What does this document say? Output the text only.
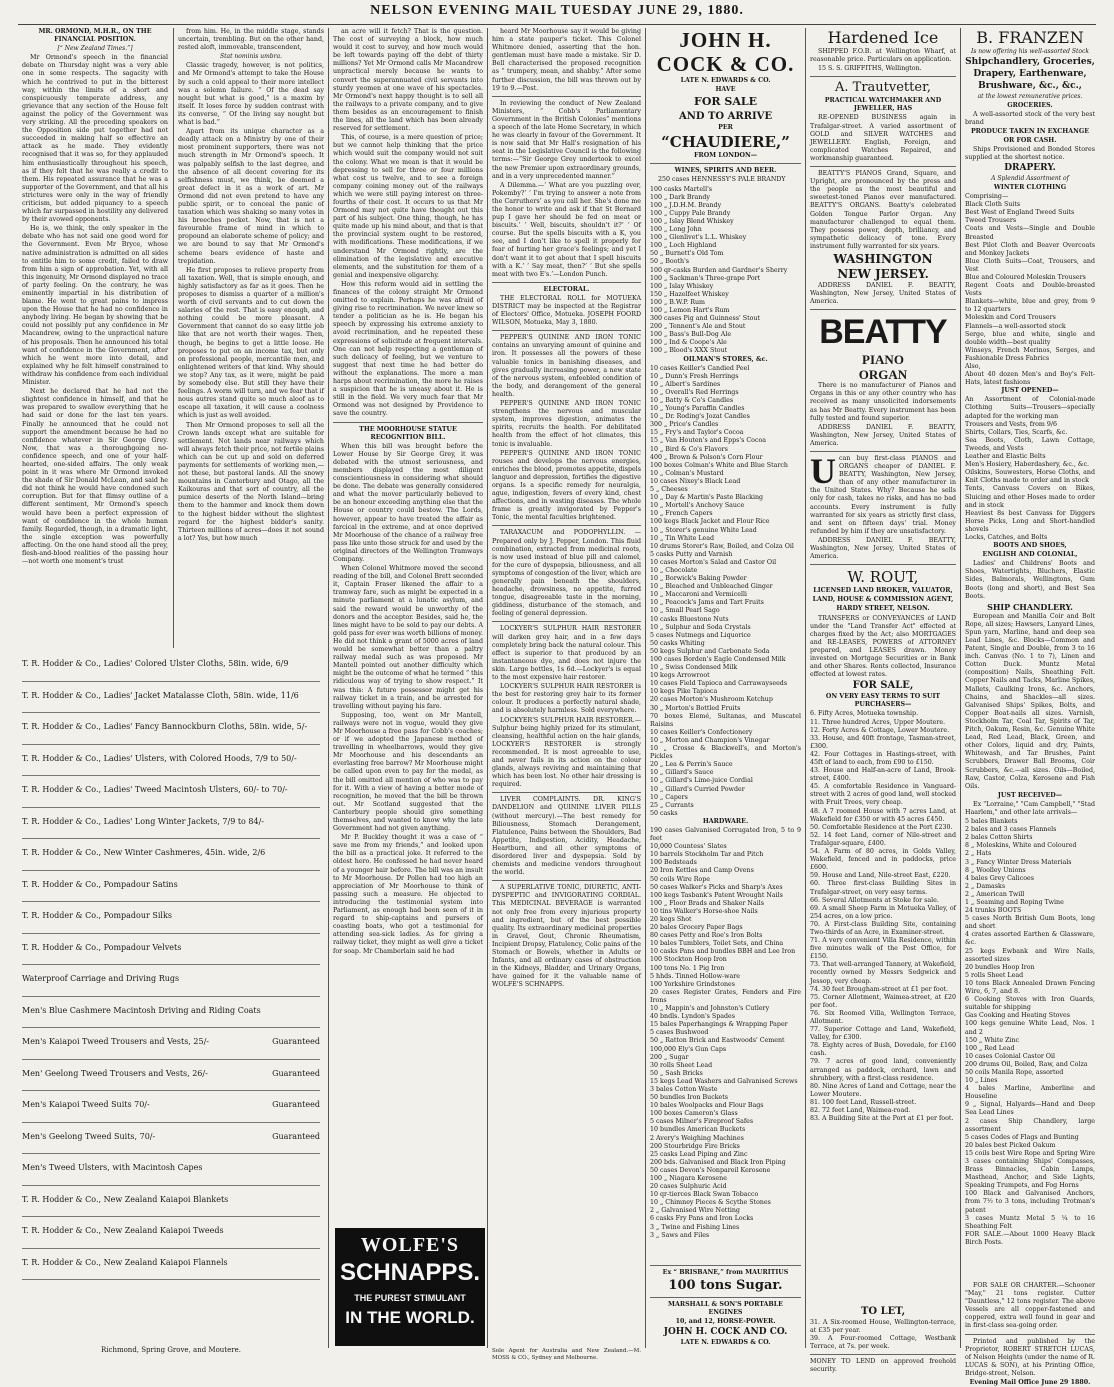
NELSON EVENING MAIL TUESDAY JUNE 29, 1880.

MR. ORMOND, M.H.R., ON THE FINANCIAL POSITION.

[“ New Zealand Times.”]

Mr Ormond's speech in the financial debate on Thursday night was a very able one in some respects. The sagacity with which he contrived to put in the bitterest way, within the limits of a short and conspicuously temperate address, any grievance that any section of the House felt against the policy of the Government was very striking. All the preceding speakers on the Opposition side put together had not succeeded in making half so effective an attack as he made. They evidently recognised that it was so, for they applauded him enthusiastically throughout his speech, as if they felt that he was really a credit to them. His repeated assurance that he was a supporter of the Government, and that all his strictures were only in the way of friendly criticism, but added piquancy to a speech which far surpassed in hostility any delivered by their avowed opponents.

He is, we think, the only speaker in the debate who has not said one good word for the Government. Even Mr Bryce, whose native administration is admitted on all sides to entitle him to some credit, failed to draw from him a sign of approbation. Yet, with all this ingenuity, Mr Ormond displayed no trace of party feeling. On the contrary, he was eminently impartial in his distribution of blame. He went to great pains to impress upon the House that he had no confidence in anybody living. He began by showing that he could not possibly put any confidence in Mr Macandrew, owing to the unpractical nature of his proposals. Then he announced his total want of confidence in the Government, after which he went more into detail, and explained why he felt himself constrained to withdraw his confidence from each individual Minister.

Next he declared that he had not the slightest confidence in himself, and that he was prepared to swallow everything that he had said or done for the last ten years. Finally he announced that he could not support the amendment because he had no confidence whatever in Sir George Grey. Now, that was a thoroughgoing no-confidence speech, and one of your half-hearted, one-sided affairs. The only weak point in it was where Mr Ormond invoked the shade of Sir Donald McLean, and said he did not think he would have condoned such corruption. But for that flimsy outline of a different sentiment, Mr Ormond's speech would have been a perfect expression of want of confidence in the whole human family. Regarded, though, in a dramatic light, the single exception was powerfully affecting. On the one hand stood all the prey, flesh-and-blood realities of the passing hour—not worth one moment's trust

from him. He, in the middle stage, stands uncertain, trembling. But on the other hand, rested aloft, immovable, transcendent,

Stat nominis umbra.

Classic tragedy, however, is not politics, and Mr Ormond's attempt to take the House by such a cold appeal to their more intellect was a solemn failure. “ Of the dead say nought but what is good,” is a maxim by itself. It loses force by sudden contrast with its converse, “ Of the living say nought but what is bad.”

Apart from its unique character as a deadly attack on a Ministry by one of their most prominent supporters, there was not much strength in Mr Ormond's speech. It was palpably selfish to the last degree, and the absence of all decent covering for its selfishness must, we think, be deemed a great defect in it as a work of art. Mr Ormond did not even pretend to have any public spirit, or to conceal the panic of taxation which was shaking so many votes in his breeches pocket. Now, that is not a favourable frame of mind in which to propound an elaborate scheme of policy; and we are bound to say that Mr Ormond's scheme bears evidence of haste and trepidation.

He first proposes to relieve property from all taxation. Well, that is simple enough, and highly satisfactory as far as it goes. Then he proposes to dismiss a quarter of a million's worth of civil servants and to cut down the salaries of the rest. That is easy enough, and nothing could be more pleasant. A Government that cannot do so easy little job like that are not worth their wages. Then, though, he begins to get a little loose. He proposes to put on an income tax, but only on professional people, mercantile men, and enlightened writers of that kind. Why should we stop? Any tax, as it were, might be paid by somebody else. But still they have their feelings. A worm will turn, and we fear that if nous autres stand quite so much aloof as to escape all taxation, it will cause a coolness which is just as well avoided.

Then Mr Ormond proposes to sell all the Crown lands except what are suitable for settlement. Not lands near railways which will always fetch their price, not fertile plains which can be cut up and sold on deferred payments for settlements of working men,—not these, but pastoral lands. All the snowy mountains in Canterbury and Otago, all the Kaikouras and that sort of country, all the pumice deserts of the North Island—bring them to the hammer and knock them down to the highest bidder without the slightest regard for the highest bidder's sanity. Thirteen millions of acres—does it not sound a lot? Yes, but how much

T. R. Hodder & Co., Ladies' Colored Ulster Cloths, 58in. wide, 6/9
T. R. Hodder & Co., Ladies' Jacket Matalasse Cloth, 58in. wide, 11/6
T. R. Hodder & Co., Ladies' Fancy Bannockburn Cloths, 58in. wide, 5/-
T. R. Hodder & Co., Ladies' Ulsters, with Colored Hoods, 7/9 to 50/-
T. R. Hodder & Co., Ladies' Tweed Macintosh Ulsters, 60/- to 70/-
T. R. Hodder & Co., Ladies' Long Winter Jackets, 7/9 to 84/-
T. R. Hodder & Co., New Winter Cashmeres, 45in. wide, 2/6
T. R. Hodder & Co., Pompadour Satins
T. R. Hodder & Co., Pompadour Silks
T. R. Hodder & Co., Pompadour Velvets
Waterproof Carriage and Driving Rugs
Men's Blue Cashmere Macintosh Driving and Riding Coats
Men's Kaiapoi Tweed Trousers and Vests, 25/-	Guaranteed
Men' Geelong Tweed Trousers and Vests, 26/-	Guaranteed
Men's Kaiapoi Tweed Suits 70/-	Guaranteed
Men's Geelong Tweed Suits, 70/-	Guaranteed
Men's Tweed Ulsters, with Macintosh Capes
T. R. Hodder & Co., New Zealand Kaiapoi Blankets
T. R. Hodder & Co., New Zealand Kaiapoi Tweeds
T. R. Hodder & Co., New Zealand Kaiapoi Flannels
Richmond, Spring Grove, and Moutere.

an acre will it fetch? That is the question. The cost of surveying a block, how much would it cost to survey, and how much would be left towards paying off the debt of thirty millions? Yet Mr Ormond calls Mr Macandrew unpractical merely because he wants to convert the superannuated civil servants into sturdy yeomen at one wave of his spectacles. Mr Ormond's next happy thought is to sell all the railways to a private company, and to give them besides as an encouragement to finish the lines, all the land which has been already reserved for settlement.

This, of course, is a mere question of price; but we cannot help thinking that the price which would suit the company would not suit the colony. What we mean is that it would be depressing to sell for three or four millions what cost us twelve, and to see a foreign company coining money out of the railways which we were still paying interest on three-fourths of their cost. It occurs to us that Mr Ormond may not quite have thought out this part of his subject. One thing, though, he has quite made up his mind about, and that is that the provincial system ought to be restored, with modifications. These modifications, if we understand Mr Ormond rightly, are the elimination of the legislative and executive elements, and the substitution for them of a genial and inexpensive oligarchy.

How this reform would aid in settling the finances of the colony straight Mr Ormond omitted to explain. Perhaps he was afraid of giving rise to recrimination. We never knew so tender a politician as he is. He began his speech by expressing his extreme anxiety to avoid recrimination, and he repeated these expressions of solicitude at frequent intervals. One can not help respecting a gentleman of such delicacy of feeling, but we venture to suggest that next time he had better do without the explanations. The more a man harps about recrimination, the more he raises a suspicion that he is uneasy about it. He is still in the field. We very much fear that Mr Ormond was not designed by Providence to save the country.

THE MOORHOUSE STATUE RECOGNITION BILL.

When this bill was brought before the Lower House by Sir George Grey, it was debated with the utmost seriousness, and members displayed the most diligent conscientiousness in considering what should be done. The debate was generally considered and what the mover particularly believed to be an honour exceeding anything else that the House or country could bestow. The Lords, however, appear to have treated the affair as farcical in the extreme, and at once deprived Mr Moorhouse of the chance of a railway free pass like unto those struck for and used by the original directors of the Wellington Tramways Company.

When Colonel Whitmore moved the second reading of the bill, and Colonel Brett seconded it, Captain Fraser likened the affair to a tramway fare, such as might be expected in a minute parliament at a lunatic asylum, and said the reward would be unworthy of the donors and the acceptor. Besides, said he, the lines might have to be sold to pay our debts. A gold pass for ever was worth billions of money. He did not think a grant of 5000 acres of land would be somewhat better than a paltry railway medal such as was proposed. Mr Mantell pointed out another difficulty which might be the outcome of what he termed “ this ridiculous way of trying to show respect.” It was this: A future possessor might get his railway ticket in a train, and be arrested for travelling without paying his fare.

Supposing, too, went on Mr Mantell, railways were not in vogue, would they give Mr Moorhouse a free pass for Cobb's coaches; or if we adopted the Japanese method of travelling in wheelbarrows, would they give Mr Moorhouse and his descendants an everlasting free barrow? Mr Moorhouse might be called upon even to pay for the medal, as the bill omitted all mention of who was to pay for it. With a view of having a better mode of recognition, he moved that the bill be thrown out. Mr Scotland suggested that the Canterbury people should give something themselves, and wanted to know why the late Government had not given anything.

Mr P. Buckley thought it was a case of “ save me from my friends,” and looked upon the bill as a practical joke. It referred to the oldest hero. He confessed he had never heard of a younger hair before. The bill was an insult to Mr Moorhouse. Dr Pollen had too high an appreciation of Mr Moorhouse to think of passing such a measure. He objected to introducing the testimonial system into Parliament, as enough had been seen of it in regard to ship-captains and pursers of coasting boats, who got a testimonial for attending sea-sick ladies. As for giving a railway ticket, they might as well give a ticket for soap. Mr Chamberlain said he had

heard Mr Moorhouse say it would be giving him a state pauper's ticket. This Colonel Whitmore denied, asserting that the hon. gentleman must have made a mistake. Sir D. Bell characterised the proposed recognition as “ trumpery, mean, and shabby.” After some further discussion, the bill was thrown out by 19 to 9.—Post.

In reviewing the conduct of New Zealand Ministers, “ Cobb's Parliamentary Government in the British Colonies” mentions a speech of the late Home Secretary, in which he was clearly in favour of the Government. It is now said that Mr Hall's resignation of his seat in the Legislative Council is the following terms:—“Sir George Grey undertook to excel the new Premier upon extraordinary grounds, and in a very unprecedented manner.”

A Dilemma.—‘ What are you puzzling over, Pokemby?’ ‘ I'm trying to answer a note from the Carruthers’ as you call her. She's done me the honor to write and ask if that St Bernard pup I gave her should be fed on meat or biscuits.’ ‘ Well, biscuits, shouldn't it?’ ‘ Of course. But the spells biscuits with a K, you see, and I don't like to spell it properly for fear of hurting her grace's feelings; and yet I don't want it to get about that I spell biscuits with a K.’ ‘ Say meat, then?’ ‘ But she spells meat with two E's.’—London Punch.

ELECTORAL.

THE ELECTORAL ROLL for MOTUEKA DISTRICT may be inspected at the Registrar of Electors' Office, Motueka. JOSEPH FOORD WILSON, Motueka, May 3, 1880.

PEPPER'S QUININE AND IRON TONIC contains an unvarying amount of quinine and iron. It possesses all the powers of these valuable tonics in banishing diseases, and gives gradually increasing power, a new state of the nervous system, enfeebled condition of the body, and derangement of the general health.

PEPPER'S QUININE AND IRON TONIC strengthens the nervous and muscular system, improves digestion, animates the spirits, recruits the health. For debilitated health from the effect of hot climates, this tonic is invaluable.

PEPPER'S QUININE AND IRON TONIC rouses and develops the nervous energies, enriches the blood, promotes appetite, dispels languor and depression, fortifies the digestive organs. Is a specific remedy for neuralgia, ague, indigestion, fevers of every kind, chest affections, and in wasting diseases. The whole frame is greatly invigorated by Pepper's Tonic, the mental faculties brightened.

TARAXACUM and PODOPHYLLIN. —Prepared only by J. Pepper, London. This fluid combination, extracted from medicinal roots, is now used instead of blue pill and calomel, for the cure of dyspepsia, biliousness, and all symptoms of congestion of the liver, which are generally pain beneath the shoulders, headache, drowsiness, no appetite, furred tongue, disagreeable taste in the morning, giddiness, disturbance of the stomach, and feeling of general depression.

LOCKYER'S SULPHUR HAIR RESTORER will darken grey hair, and in a few days completely bring back the natural colour. This effect is superior to that produced by an instantaneous dye, and does not injure the skin. Large bottles, 1s 6d.—Lockyer's is equal to the most expensive hair restorer.

LOCKYER'S SULPHUR HAIR RESTORER is the best for restoring grey hair to its former colour. It produces a perfectly natural shade, and is absolutely harmless. Sold everywhere.

LOCKYER'S SULPHUR HAIR RESTORER.—Sulphur being highly prized for its stimulant, cleansing, healthful action on the hair glands, LOCKYER'S RESTORER is strongly recommended. It is most agreeable to use, and never fails in its action on the colour glands, always reviving and maintaining that which has been lost. No other hair dressing is required.

LIVER COMPLAINTS. DR. KING'S DANDELION and QUININE LIVER PILLS (without mercury).—The best remedy for Biliousness, Stomach Derangement, Flatulence, Pains between the Shoulders, Bad Appetite, Indigestion, Acidity, Headache, Heartburn, and all other symptoms of disordered liver and dyspepsia. Sold by chemists and medicine vendors throughout the world.

A SUPERLATIVE TONIC, DIURETIC, ANTI-DYSPEPTIC and INVIGORATING CORDIAL. This MEDICINAL BEVERAGE is warranted not only free from every injurious property and ingredient, but of the best possible quality. Its extraordinary medicinal properties in Gravel, Gout, Chronic Rheumatism, Incipient Dropsy, Flatulency, Colic pains of the Stomach or Bowels, whether in Adults or Infants, and all ordinary cases of obstruction in the Kidneys, Bladder, and Urinary Organs, have gained for it the valuable name of WOLFE'S SCHNAPPS.

WOLFE'S
SCHNAPPS.
THE PUREST STIMULANT
IN THE WORLD.
Sole Agent for Australia and New Zealand.—M. MOSS & CO., Sydney and Melbourne.

JOHN H. COCK & CO.

LATE N. EDWARDS & CO.

HAVE

FOR SALE

AND TO ARRIVE

PER

“CHAUDIERE,”

FROM LONDON—

WINES, SPIRITS AND BEER.

250 cases HENNESSY'S PALE BRANDY

100 casks Martell's
100 „ Dark Brandy
100 „ J.D.H.M. Brandy
100 „ Cuppy Pale Brandy
100 „ Islay Blend Whiskey
100 „ Long John
100 „ Glenlivet's L.L. Whiskey
100 „ Loch Highland
50 „ Burnett's Old Tom
50 „ Booth's
100 qr-casks Burden and Gardner's Sherry
100 „ Sackman's Three-grape Port
100 „ Islay Whiskey
150 „ Hazelfeet Whiskey
100 „ B.W.P. Rum
100 „ Lemon Hart's Rum
300 cases Pig and Guinness' Stout
200 „ Tennent's Ale and Stout
100 „ Bass's Bull-Dog Ale
100 „ Ind & Coope's Ale
100 „ Blood's XXX Stout

OILMAN'S STORES, &c.

10 cases Keiller's Candied Peel
10 „ Dunn's Fresh Herrings
10 „ Albert's Sardines
10 „ Overall's Red Herrings
10 „ Batty & Co's Candles
10 „ Young's Paraffin Candles
10 „ Dr. Roding's Jozat Candles
300 „ Price's Candles
15 „ Fry's and Taylor's Cocoa
15 „ Van Houten's and Epps's Cocoa
10 „ Bird & Co's Flavors
400 „ Brown & Polson's Corn Flour
100 boxes Colman's White and Blue Starch
10 „ Colman's Mustard
10 cases Nixey's Black Lead
5 „ Cheeses
10 „ Day & Martin's Paste Blacking
10 „ Mortell's Anchovy Sauce
10 „ French Capers
100 kegs Black Jacket and Flour Rice
10 „ Storer's genuine White Lead
10 „ Tin White Lead
10 drums Storer's Raw, Boiled, and Colza Oil
5 casks Putty and Varnish
10 cases Morton's Salad and Castor Oil
10 „ Chocolate
10 „ Borwick's Baking Powder
10 „ Bleached and Unbleached Ginger
10 „ Maccaroni and Vermicelli
10 „ Peacock's Jams and Tart Fruits
10 „ Small Pearl Sago
10 casks Bluestone Nuts
10 „ Sulphur and Soda Crystals
5 cases Nutmegs and Liquorice
50 casks Whiting
50 kegs Sulphur and Carbonate Soda
100 cases Borden's Eagle Condensed Milk
10 „ Swiss Condensed Milk
10 kegs Arrowroot
10 cases Field Tapioca and Carrawayseeds
10 kegs Pike Tapioca
20 cases Morton's Mushroom Ketchup
30 „ Morton's Bottled Fruits
70 boxes Elemé, Sultanas, and Muscatel Raisins
10 cases Keiller's Confectionery
10 „ Morton and Champion's Vinegar
10 „ Crosse & Blackwell's, and Morton's Pickles
20 „ Lea & Perrin's Sauce
10 „ Gillard's Sauce
10 „ Gillard's Lime-juice Cordial
10 „ Gillard's Curried Powder
10 „ Capers
25 „ Currants
50 casks

HARDWARE.

190 cases Galvanised Corrugated Iron, 5 to 9 feet
10,000 Countess' Slates
10 barrels Stockholm Tar and Pitch
100 Bedsteads
20 Iron Kettles and Camp Ovens
50 coils Wire Rope
50 cases Walker's Picks and Sharp's Axes
100 kegs Tasbank's Patent Wrought Nails
100 „ Floor Brads and Shaker Nails
10 tins Walker's Horse-shoe Nails
20 kegs Shot
20 bales Grocery Paper Bags
80 cases Petty and Roe's Iron Bolts
10 bales Tumblers, Toilet Sets, and China
10 casks Pans and bundles BBH and Lee Iron
100 Stockton Hoop Iron
100 tons No. 1 Pig Iron
5 hhds. Tinned Hollow-ware
100 Yorkshire Grindstones
20 cases Register Grates, Fenders and Fire Irons
10 „ Mappin's and Johnston's Cutlery
40 bndls. Lyndon's Spades
15 bales Paperhangings & Wrapping Paper
5 cases Bushwood
50 „ Ratton Brick and Eastwoods' Cement
100,000 Ely's Gun Caps
200 „ Sugar
30 rolls Sheet Lead
50 „ Sash Bricks
15 kegs Lead Washers and Galvanised Screws
3 bales Cotton Waste
50 bundles Iron Buckets
10 bales Woolpacks and Flour Bags
100 boxes Cameron's Glass
5 cases Milner's Fireproof Safes
10 bundles American Buckets
2 Avery's Weighing Machines
200 Stourbridge Fire Bricks
25 casks Lead Piping and Zinc
200 bds. Galvanised and Black Iron Piping
50 cases Devon's Nonpareil Kerosene
100 „ Niagara Kerosene
20 cases Sulphuric Acid
10 qr-tierces Black Swan Tobacco
10 „ Chimney Pieces & Scythe Stones
2 „ Galvanised Wire Netting
6 casks Fry Pans and Iron Locks
3 „ Twine and Fishing Lines
3 „ Saws and Files

Ex “ BRISBANE,” from MAURITIUS

100 tons Sugar.

MARSHALL & SON'S PORTABLE ENGINES

10, and 12, HORSE-POWER.

JOHN H. COCK AND CO.

LATE N. EDWARDS & CO.

Hardened Ice

SHIPPED F.O.B. at Wellington Wharf, at reasonable price. Particulars on application.

15 S. S. GRIFFITHS, Wellington.

A. Trautvetter,

PRACTICAL WATCHMAKER AND JEWELLER, HAS

RE-OPENED BUSINESS again in Trafalgar-street. A varied assortment of GOLD and SILVER WATCHES and JEWELLERY. English, Foreign, and complicated Watches Repaired, and workmanship guaranteed.

BEATTY'S PIANOS Grand, Square, and Upright, are pronounced by the press and the people as the most beautiful and sweetest-toned Pianos ever manufactured. BEATTY'S ORGANS. Beatty's celebrated Golden Tongue Parlor Organ. Any manufacturer challenged to equal them. They possess power, depth, brilliancy, and sympathetic delicacy of tone. Every instrument fully warranted for six years.

WASHINGTON

NEW JERSEY.

ADDRESS DANIEL F. BEATTY, Washington, New Jersey, United States of America.

BEATTY PIANO
ORGAN

There is no manufacturer of Pianos and Organs in this or any other country who has received as many unsolicited indorsements as has Mr Beatty. Every instrument has been fully tested and found superior.

ADDRESS DANIEL F. BEATTY, Washington, New Jersey, United States of America.

Ucan buy first-class PIANOS and ORGANS cheaper of DANIEL F. BEATTY, Washington, New Jersey, than of any other manufacturer in the United States. Why? Because he sells only for cash, takes no risks, and has no bad accounts. Every instrument is fully warranted for six years as strictly first class, and sent on fifteen days' trial. Money refunded by him if they are unsatisfactory.

ADDRESS DANIEL F. BEATTY, Washington, New Jersey, United States of America.

W. ROUT,

LICENSED LAND BROKER, VALUATOR,

LAND, HOUSE & COMMISSION AGENT,

HARDY STREET, NELSON.

TRANSFERS or CONVEYANCES of LAND under the "Land Transfer Act" effected at charges fixed by the Act; also MORTGAGES and RE-LEASES, POWERS of ATTORNEY prepared, and LEASES drawn. Money invested on Mortgage Securities or in Bank and other Shares. Rents collected, Insurance effected at lowest rates.

FOR SALE,

ON VERY EASY TERMS TO SUIT PURCHASERS—

6. Fifty Acres, Motueka township.
11. Three hundred Acres, Upper Moutere.
12. Forty Acres & Cottage, Lower Moutere.
33. House, and 40ft frontage, Tasman-street, £300.
42. Four Cottages in Hastings-street, with 45ft of land to each, from £90 to £150.
43. House and Half-an-acre of Land, Brook-street, £400.
45. A comfortable Residence in Vanguard-street with 2 acres of good land, well stocked with Fruit Trees, very cheap.
48. A 7 roomed House with 7 acres Land, at Wakefield for £350 or with 45 acres £450.
50. Comfortable Residence at the Port £230.
52. 14 feet Land, corner of Nile-street and Trafalgar-square, £400.
54. A Farm of 80 acres, in Golds Valley, Wakefield, fenced and in paddocks, price £600.
59. House and Land, Nile-street East, £220.
60. Three first-class Building Sites in Trafalgar-street, on very easy terms.
66. Several Allotments at Stoke for sale.
69. A small Sheep Farm in Motueka Valley, of 254 acres, on a low price.
70. A First-class Building Site, containing Two-thirds of an Acre, in Examiner-street.
71. A very convenient Villa Residence, within five minutes walk of the Post Office, for £150.
73. That well-arranged Tannery, at Wakefield, recently owned by Messrs Sedgwick and Jessop, very cheap.
74. 30 feet Brougham-street at £1 per foot.
75. Corner Allotment, Waimea-street, at £20 per foot.
76. Six Roomed Villa, Wellington Terrace, Allotment.
77. Superior Cottage and Land, Wakefield, Valley, for £300.
78. Eighty acres of Bush, Dovedale, for £160 cash.
79. 7 acres of good land, conveniently arranged as paddock, orchard, lawn and shrubbery, with a first-class residence.
80. Nine Acres of Land and Cottage, near the Lower Moutere.
81. 100 feet Land, Russell-street.
82. 72 feet Land, Waimea-road.
83. A Building Site at the Port at £1 per foot.

TO LET,

31. A Six-roomed House, Wellington-terrace, at £35 per year.
39. A Four-roomed Cottage, Westbank Terrace, at 7s. per week.
MONEY TO LEND on approved freehold security.

B. FRANZEN

Is now offering his well-assorted Stock

Shipchandlery, Groceries,

Drapery, Earthenware,

Brushware, &c., &c.,

at the lowest remunerative prices.

GROCERIES.

A well-assorted stock of the very best brand

PRODUCE TAKEN IN EXCHANGE OR FOR CASH.

Ships Provisioned and Bonded Stores supplied at the shortest notice.

DRAPERY.

A Splendid Assortment of

WINTER CLOTHING

Comprising—
Black Cloth Suits
Best West of England Tweed Suits
Tweed Trousers
Coats and Vests—Single and Double Breasted
Best Pilot Cloth and Beaver Overcoats and Monkey Jackets
Blue Cloth Suits—Coat, Trousers, and Vest
Blue and Coloured Moleskin Trousers
Regent Coats and Double-breasted Vests
Blankets—white, blue and grey, from 9 to 12 quarters
Moleskin and Cord Trousers
Flannels—a well-assorted stock
Serge, blue and white, single and double width—best quality
Winseys, French Merinos, Serges, and Fashionable Dress Fabrics
Also,
About 40 dozen Men's and Boy's Felt-Hats, latest fashions

JUST OPENED—

An Assortment of Colonial-made Clothing Suits—Trousers—specially adapted for the working man
Trousers and Vests, from 9/6
Shirts, Collars, Ties, Scarfs, &c.
Sea Boots, Cloth, Lawn Cottage, Tweeds, and Vests
Leather and Elastic Belts
Men's Hosiery, Haberdashery, &c., &c.
Oilskins, Souwesters, Horse Cloths, and Knit Cloths made to order and in stock
Tents, Canvass Covers on Bikes, Sluicing and other Hoses made to order and in stock
Heaviest 8s best Canvass for Diggers Horse Picks, Long and Short-handled shovels
Locks, Catches, and Bolts

BOOTS AND SHOES,

ENGLISH AND COLONIAL,

Ladies' and Childrens' Boots and Shoes, Watertights, Bluchers, Elastic Sides, Balmorals, Wellingtons, Gum Boots (long and short), and Best Sea Boots.

SHIP CHANDLERY.

European and Manilla Coir and Bolt Rope, all sizes; Hawsers, Lanyard Lines, Spun yarn, Marline, hand and deep sea Lead Lines, &c. Blocks—Common and Patent, Single and Double, from 3 to 16 inch. Canvas (No. 1 to 7), Linen and Cotton Duck. Muntz Metal (composition) Nails, Sheathing Felt. Copper Nails and Tacks, Marline Spikes, Mallets, Caulking Irons, &c. Anchors, Chains, and Shackles—all sizes. Galvanised Ships' Spikes, Bolts, and Copper Boat-nails all sizes. Varnish, Stockholm Tar, Coal Tar, Spirits of Tar, Pitch, Oakum, Resin, &c. Genuine White Lead, Red Lead, Black, Green, and other Colors, liquid and dry, Paints, Whitewash, and Tar Brushes, Paint Scrubbers, Drawer Ball Brooms, Coir Scrubbers, &c.—all sizes. Oils—Boiled, Raw, Castor, Colza, Kerosene and Fish Oils.

JUST RECEIVED—

Ex "Lorraine," "Cam Campbell," "Stad Haarlem," and other late arrivals—

5 bales Blankets
2 bales and 3 cases Flannels
2 bales Cotton Shirts
8 „ Moleskins, White and Coloured
2 „ Hats
3 „ Fancy Winter Dress Materials
8 „ Woolley Unions
4 bales Grey Calicoes
2 „ Damasks
2 „ American Twill
1 „ Seaming and Roping Twine
24 trunks BOOTS
5 cases North British Gum Boots, long and short
4 crates assorted Earthen & Glassware, &c.
25 kegs Ewbank and Wire Nails, assorted sizes
20 bundles Hoop Iron
5 rolls Sheet Lead
10 tons Black Annealed Drawn Fencing Wire, 6, 7, and 8.
6 Cooking Stoves with Iron Guards, suitable for shipping
Gas Cooking and Heating Stoves
100 kegs genuine White Lead, Nos. 1 and 2
150 „ White Zinc
100 „ Red Lead
10 cases Colonial Castor Oil
200 drums Oil, Boiled, Raw, and Colza
50 coils Manila Rope, assorted
10 „ Lines
4 bales Marline, Amberline and Houseline
9 „ Signal, Halyards—Hand and Deep Sea Lead Lines
2 cases Ship Chandlery, large assortment
5 cases Codes of Flags and Bunting
20 bales best Picked Oakum
15 coils best Wire Rope and Spring Wire
3 cases containing Ships' Compasses, Brass Binnacles, Cabin Lamps, Masthead, Anchor, and Side Lights, Speaking Trumpets, and Fog Horns
100 Black and Galvanised Anchors, from 7½ to 3 tons, including Trotman's patent
3 cases Muntz Metal 5 ¼ to 16 Sheathing Felt
FOR SALE.—About 1000 Heavy Black Birch Posts.

FOR SALE OR CHARTER.—Schooner "May," 21 tons register. Cutter "Dauntless," 12 tons register. The above Vessels are all copper-fastened and coppered, extra well found in gear and in first-class sea-going order.

Printed and published by the Proprietor, ROBERT STRETCH LUCAS, of Nelson Heights (under the name of R. LUCAS & SON), at his Printing Office, Bridge-street, Nelson.

Evening Mail Office June 29 1880.
